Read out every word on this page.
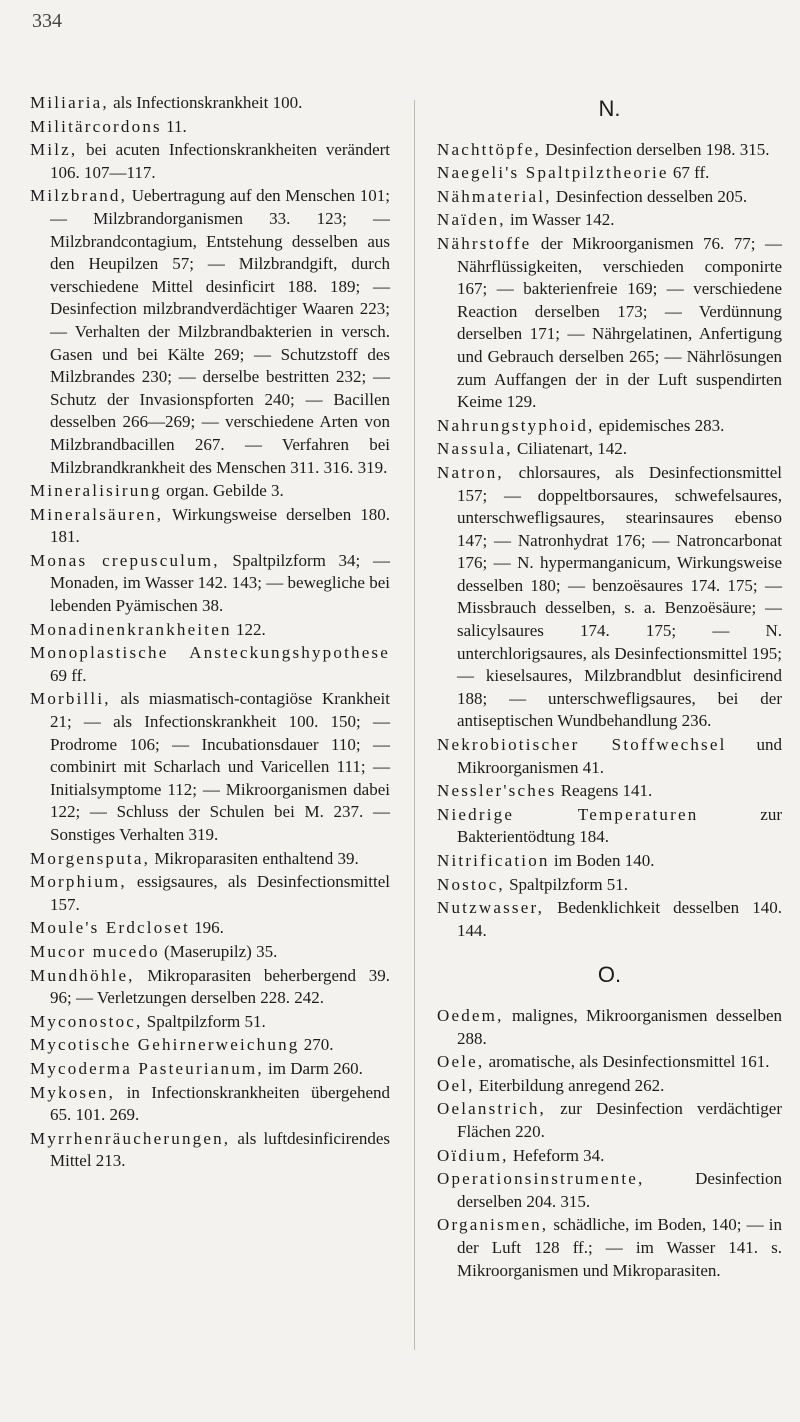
334

Miliaria, als Infectionskrankheit 100.

Militärcordons 11.

Milz, bei acuten Infectionskrankheiten verändert 106. 107—117.

Milzbrand, Uebertragung auf den Menschen 101; — Milzbrandorganismen 33. 123; — Milzbrandcontagium, Entstehung desselben aus den Heupilzen 57; — Milzbrandgift, durch verschiedene Mittel desinficirt 188. 189; — Desinfection milzbrandverdächtiger Waaren 223; — Verhalten der Milzbrandbakterien in versch. Gasen und bei Kälte 269; — Schutzstoff des Milzbrandes 230; — derselbe bestritten 232; — Schutz der Invasionspforten 240; — Bacillen desselben 266—269; — verschiedene Arten von Milzbrandbacillen 267. — Verfahren bei Milzbrandkrankheit des Menschen 311. 316. 319.

Mineralisirung organ. Gebilde 3.

Mineralsäuren, Wirkungsweise derselben 180. 181.

Monas crepusculum, Spaltpilzform 34; — Monaden, im Wasser 142. 143; — bewegliche bei lebenden Pyämischen 38.

Monadinenkrankheiten 122.

Monoplastische Ansteckungshypothese 69 ff.

Morbilli, als miasmatisch-contagiöse Krankheit 21; — als Infectionskrankheit 100. 150; — Prodrome 106; — Incubationsdauer 110; — combinirt mit Scharlach und Varicellen 111; — Initialsymptome 112; — Mikroorganismen dabei 122; — Schluss der Schulen bei M. 237. — Sonstiges Verhalten 319.

Morgensputa, Mikroparasiten enthaltend 39.

Morphium, essigsaures, als Desinfectionsmittel 157.

Moule's Erdcloset 196.

Mucor mucedo (Maserupilz) 35.

Mundhöhle, Mikroparasiten beherbergend 39. 96; — Verletzungen derselben 228. 242.

Myconostoc, Spaltpilzform 51.

Mycotische Gehirnerweichung 270.

Mycoderma Pasteurianum, im Darm 260.

Mykosen, in Infectionskrankheiten übergehend 65. 101. 269.

Myrrhenräucherungen, als luftdesinficirendes Mittel 213.

N.

Nachttöpfe, Desinfection derselben 198. 315.

Naegeli's Spaltpilztheorie 67 ff.

Nähmaterial, Desinfection desselben 205.

Naïden, im Wasser 142.

Nährstoffe der Mikroorganismen 76. 77; — Nährflüssigkeiten, verschieden componirte 167; — bakterienfreie 169; — verschiedene Reaction derselben 173; — Verdünnung derselben 171; — Nährgelatinen, Anfertigung und Gebrauch derselben 265; — Nährlösungen zum Auffangen der in der Luft suspendirten Keime 129.

Nahrungstyphoid, epidemisches 283.

Nassula, Ciliatenart, 142.

Natron, chlorsaures, als Desinfectionsmittel 157; — doppeltborsaures, schwefelsaures, unterschwefligsaures, stearinsaures ebenso 147; — Natronhydrat 176; — Natroncarbonat 176; — N. hypermanganicum, Wirkungsweise desselben 180; — benzoësaures 174. 175; — Missbrauch desselben, s. a. Benzoësäure; — salicylsaures 174. 175; — N. unterchlorigsaures, als Desinfectionsmittel 195; — kieselsaures, Milzbrandblut desinficirend 188; — unterschwefligsaures, bei der antiseptischen Wundbehandlung 236.

Nekrobiotischer Stoffwechsel und Mikroorganismen 41.

Nessler'sches Reagens 141.

Niedrige Temperaturen zur Bakterientödtung 184.

Nitrification im Boden 140.

Nostoc, Spaltpilzform 51.

Nutzwasser, Bedenklichkeit desselben 140. 144.

O.

Oedem, malignes, Mikroorganismen desselben 288.

Oele, aromatische, als Desinfectionsmittel 161.

Oel, Eiterbildung anregend 262.

Oelanstrich, zur Desinfection verdächtiger Flächen 220.

Oïdium, Hefeform 34.

Operationsinstrumente, Desinfection derselben 204. 315.

Organismen, schädliche, im Boden, 140; — in der Luft 128 ff.; — im Wasser 141. s. Mikroorganismen und Mikroparasiten.
